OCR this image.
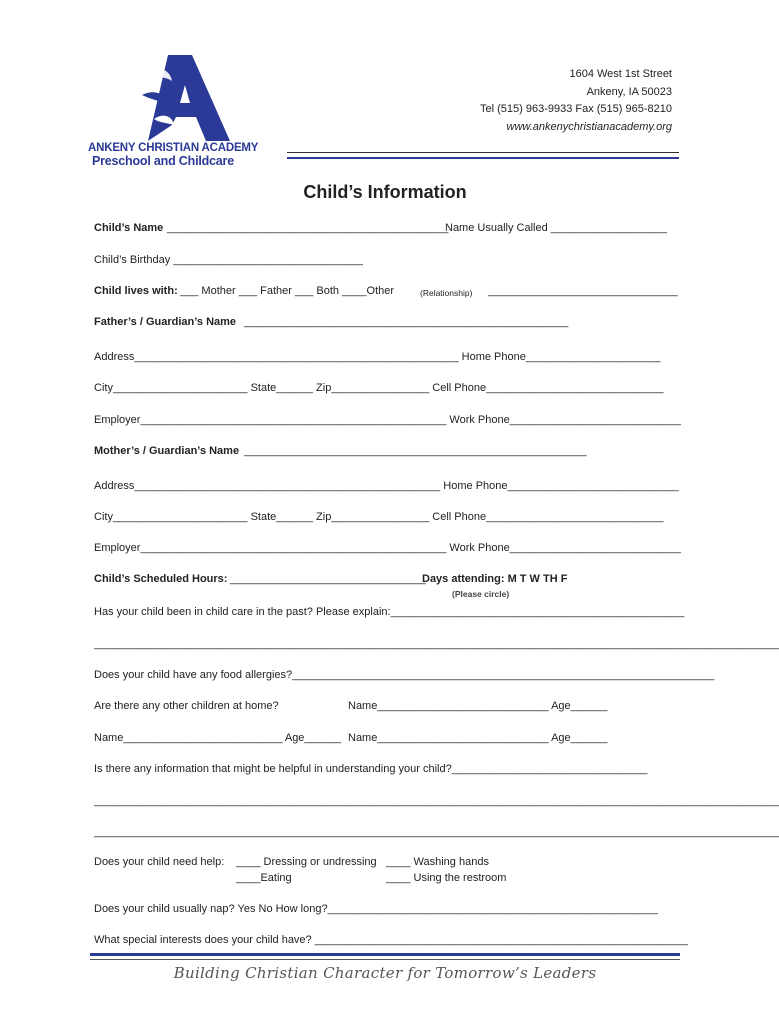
ANKENY CHRISTIAN ACADEMY
Preschool and Childcare
1604 West 1st Street
Ankeny, IA 50023
Tel (515) 963-9933 Fax (515) 965-8210
www.ankenychristianacademy.org
Child’s Information
Child’s Name ______________________________________________
Name Usually Called ___________________
Child’s Birthday _______________________________
Child lives with: ___ Mother ___ Father ___ Both ____Other	(Relationship) _______________________________
Father’s / Guardian’s Name _____________________________________________________
Address_____________________________________________________ Home Phone______________________
City______________________ State______ Zip________________ Cell Phone_____________________________
Employer__________________________________________________ Work Phone____________________________
Mother’s / Guardian’s Name ________________________________________________________
Address__________________________________________________ Home Phone____________________________
City______________________ State______ Zip________________ Cell Phone_____________________________
Employer__________________________________________________ Work Phone____________________________
Child’s Scheduled Hours: ________________________________
Days attending: M T W TH F
(Please circle)
Has your child been in child care in the past? Please explain:________________________________________________
________________________________________________________________________________________________________________
Does your child have any food allergies?_____________________________________________________________________
Are there any other children at home?	Name____________________________ Age______
Name__________________________ Age______ Name____________________________ Age______
Is there any information that might be helpful in understanding your child?________________________________
________________________________________________________________________________________________________________
________________________________________________________________________________________________________________
Does your child need help: ____ Dressing or undressing ____ Washing hands
____Eating	____ Using the restroom
Does your child usually nap? Yes No How long?______________________________________________________
What special interests does your child have? _____________________________________________________________
Building Christian Character for Tomorrow’s Leaders
